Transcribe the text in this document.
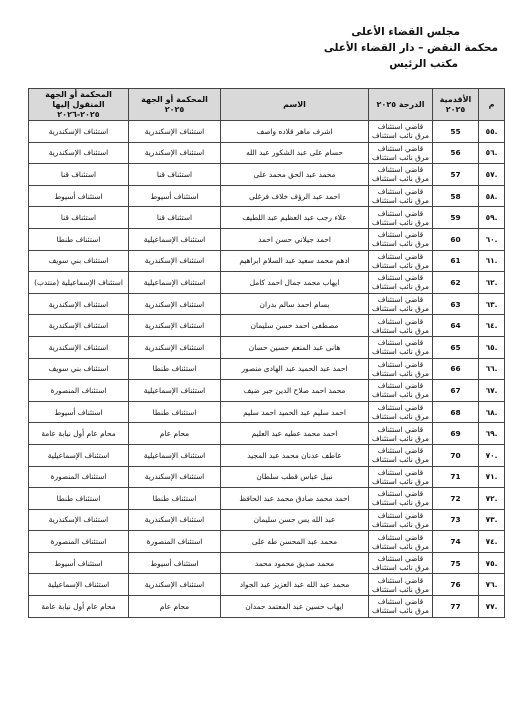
مجلس القضاء الأعلى
محكمة النقض – دار القضاء الأعلى
مكتب الرئيس
م	الأقدمية ٢٠٢٥	الدرجة ٢٠٢٥	الاسم	المحكمة أو الجهة ٢٠٢٥	المحكمة أو الجهة المنقول إليها ٢٠٢٥-٢٠٢٦
.٥٥	55	قاضي استئناف مرق نائب استئناف	اشرف ماهر قلاده واصف	استئناف الإسكندرية	استئناف الإسكندرية
.٥٦	56	قاضي استئناف مرق نائب استئناف	حسام على عبد الشكور عبد الله	استئناف الإسكندرية	استئناف الإسكندرية
.٥٧	57	قاضي استئناف مرق نائب استئناف	محمد عبد الحق محمد على	استئناف قنا	استئناف قنا
.٥٨	58	قاضي استئناف مرق نائب استئناف	احمد عبد الرؤف خلاف فرغلى	استئناف أسيوط	استئناف أسيوط
.٥٩	59	قاضي استئناف مرق نائب استئناف	علاء رجب عبد العظيم عبد اللطيف	استئناف قنا	استئناف قنا
.٦٠	60	قاضي استئناف مرق نائب استئناف	احمد جيلاني حسن احمد	استئناف الإسماعيلية	استئناف طنطا
.٦١	61	قاضي استئناف مرق نائب استئناف	ادهم محمد سعيد عبد السلام ابراهيم	استئناف الإسكندرية	استئناف بني سويف
.٦٢	62	قاضي استئناف مرق نائب استئناف	ايهاب محمد جمال احمد كامل	استئناف الإسماعيلية	استئناف الإسماعيلية (منتدب)
.٦٣	63	قاضي استئناف مرق نائب استئناف	بسام احمد سالم بدران	استئناف الإسكندرية	استئناف الإسكندرية
.٦٤	64	قاضي استئناف مرق نائب استئناف	مصطفى احمد حسن سليمان	استئناف الإسكندرية	استئناف الإسكندرية
.٦٥	65	قاضي استئناف مرق نائب استئناف	هانى عبد المنعم حسين حسان	استئناف الإسكندرية	استئناف الإسكندرية
.٦٦	66	قاضي استئناف مرق نائب استئناف	احمد عبد الحميد عبد الهادى منصور	استئناف طنطا	استئناف بني سويف
.٦٧	67	قاضي استئناف مرق نائب استئناف	محمد احمد صلاح الدين جبر ضيف	استئناف الإسماعيلية	استئناف المنصورة
.٦٨	68	قاضي استئناف مرق نائب استئناف	احمد سليم عبد الحميد احمد سليم	استئناف طنطا	استئناف أسيوط
.٦٩	69	قاضي استئناف مرق نائب استئناف	احمد محمد عطيه عبد العليم	محام عام	محام عام أول نيابة عامة
.٧٠	70	قاضي استئناف مرق نائب استئناف	عاطف عدنان محمد عبد المجيد	استئناف الإسماعيلية	استئناف الإسماعيلية
.٧١	71	قاضي استئناف مرق نائب استئناف	نبيل عباس قطب سلطان	استئناف الإسكندرية	استئناف المنصورة
.٧٢	72	قاضي استئناف مرق نائب استئناف	احمد محمد صادق محمد عبد الحافظ	استئناف طنطا	استئناف طنطا
.٧٣	73	قاضي استئناف مرق نائب استئناف	عبد الله يس حسن سليمان	استئناف الإسكندرية	استئناف الإسكندرية
.٧٤	74	قاضي استئناف مرق نائب استئناف	محمد عبد المحسن طه على	استئناف المنصورة	استئناف المنصورة
.٧٥	75	قاضي استئناف مرق نائب استئناف	محمد صديق محمود محمد	استئناف أسيوط	استئناف أسيوط
.٧٦	76	قاضي استئناف مرق نائب استئناف	محمد عبد الله عبد العزيز عبد الجواد	استئناف الإسكندرية	استئناف الإسماعيلية
.٧٧	77	قاضي استئناف مرق نائب استئناف	ايهاب حسين عبد المعتمد حمدان	محام عام	محام عام أول نيابة عامة
